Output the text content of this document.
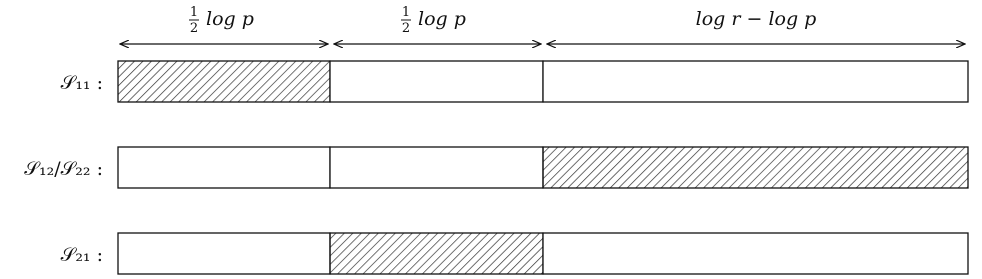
1
2 log p	1
2 log p	log r − log p
𝒮₁₁ :
𝒮₁₂/𝒮₂₂ :
𝒮₂₁ :
